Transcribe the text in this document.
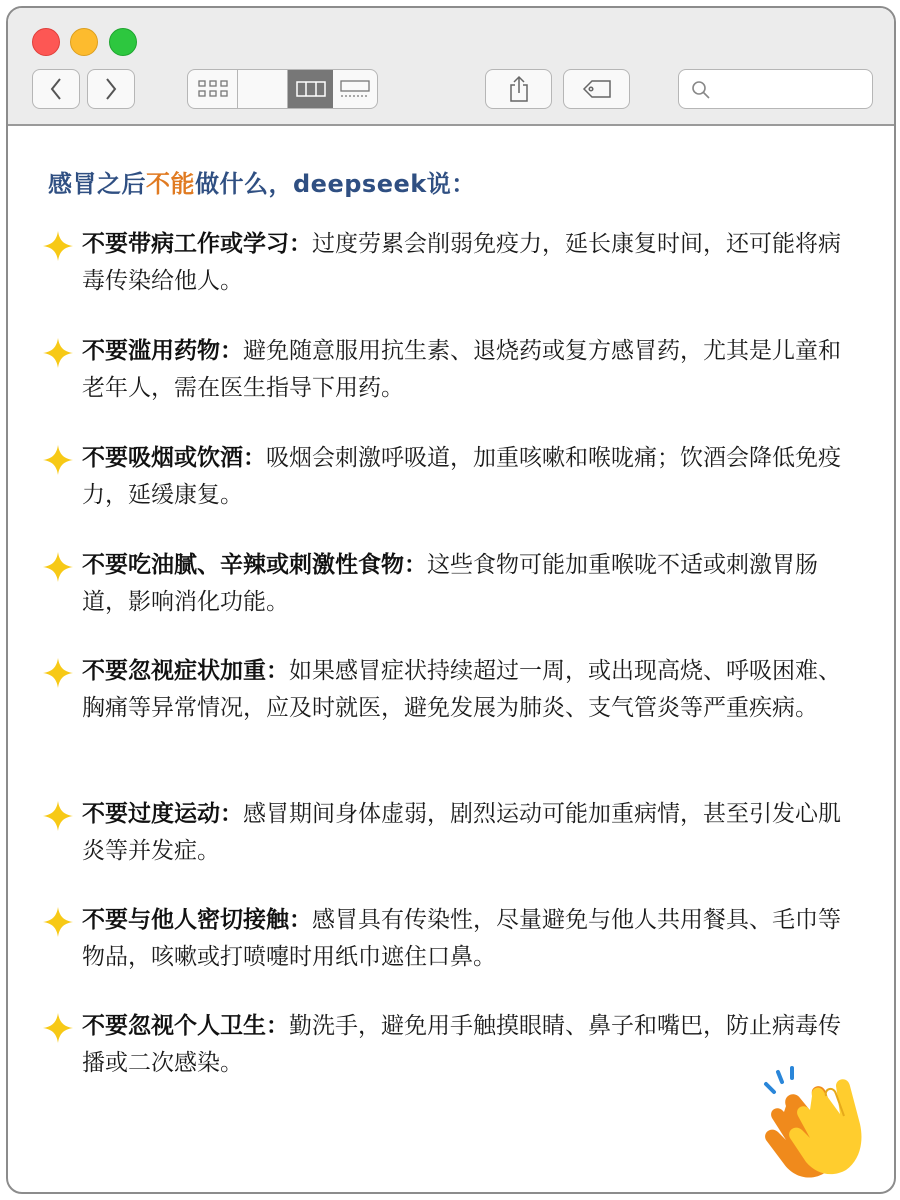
感冒之后不能做什么，deepseek说：

不要带病工作或学习：过度劳累会削弱免疫力，延长康复时间，还可能将病毒传染给他人。

不要滥用药物：避免随意服用抗生素、退烧药或复方感冒药，尤其是儿童和老年人，需在医生指导下用药。

不要吸烟或饮酒：吸烟会刺激呼吸道，加重咳嗽和喉咙痛；饮酒会降低免疫力，延缓康复。

不要吃油腻、辛辣或刺激性食物：这些食物可能加重喉咙不适或刺激胃肠道，影响消化功能。

不要忽视症状加重：如果感冒症状持续超过一周，或出现高烧、呼吸困难、胸痛等异常情况，应及时就医，避免发展为肺炎、支气管炎等严重疾病。

不要过度运动：感冒期间身体虚弱，剧烈运动可能加重病情，甚至引发心肌炎等并发症。

不要与他人密切接触：感冒具有传染性，尽量避免与他人共用餐具、毛巾等物品，咳嗽或打喷嚏时用纸巾遮住口鼻。

不要忽视个人卫生：勤洗手，避免用手触摸眼睛、鼻子和嘴巴，防止病毒传播或二次感染。
